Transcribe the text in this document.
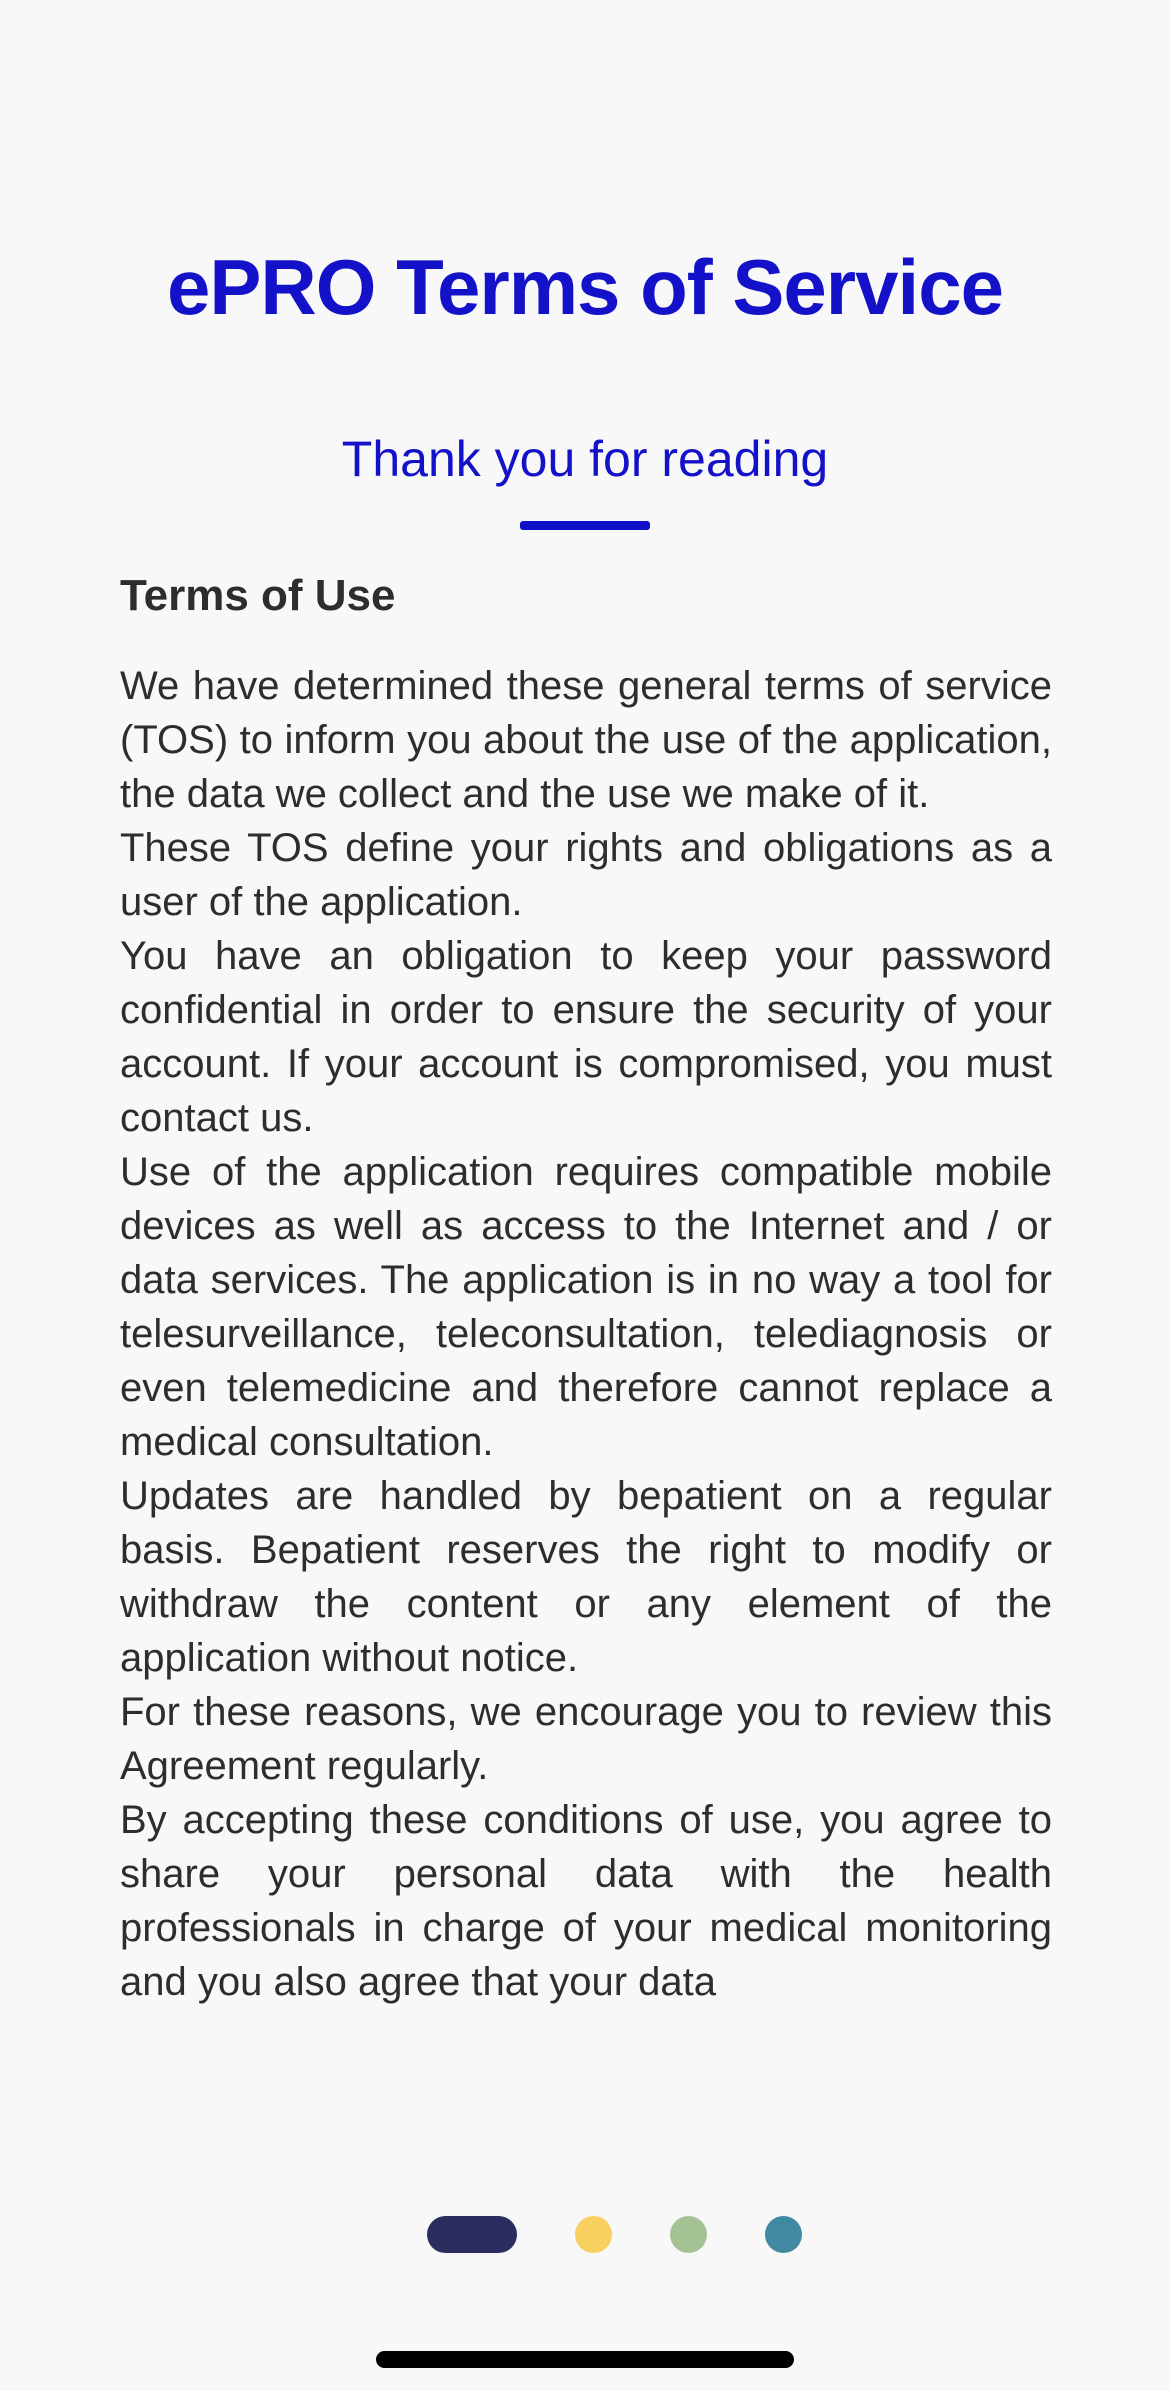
ePRO Terms of Service
Thank you for reading
Terms of Use

We have determined these general terms of service (TOS) to inform you about the use of the application, the data we collect and the use we make of it.

These TOS define your rights and obligations as a user of the application.

You have an obligation to keep your password confidential in order to ensure the security of your account. If your account is compromised, you must contact us.

Use of the application requires compatible mobile devices as well as access to the Internet and / or data services. The application is in no way a tool for telesurveillance, teleconsultation, telediagnosis or even telemedicine and therefore cannot replace a medical consultation.

Updates are handled by bepatient on a regular basis. Bepatient reserves the right to modify or withdraw the content or any element of the application without notice.

For these reasons, we encourage you to review this Agreement regularly.

By accepting these conditions of use, you agree to share your personal data with the health professionals in charge of your medical monitoring and you also agree that your data
